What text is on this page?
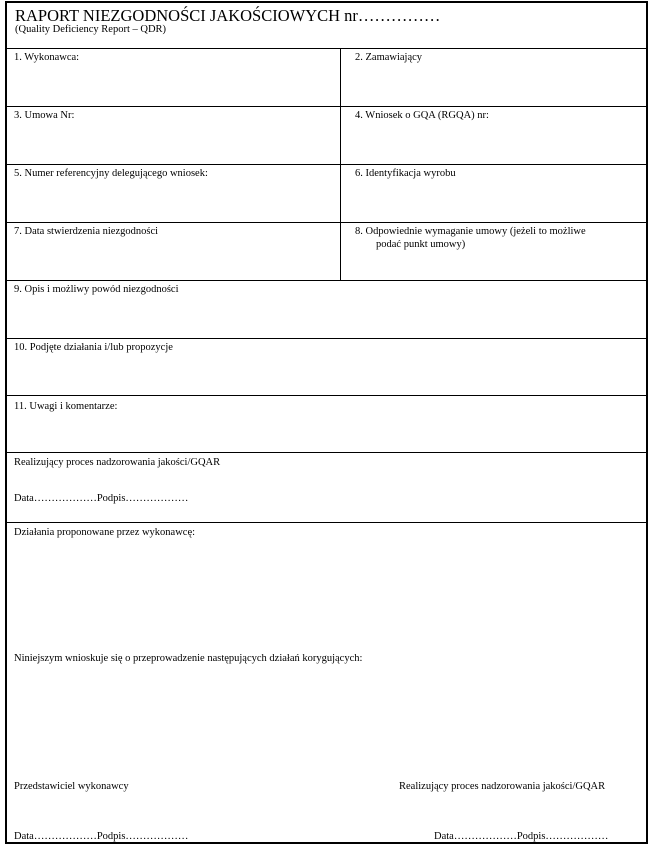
RAPORT NIEZGODNOŚCI JAKOŚCIOWYCH nr……………
(Quality Deficiency Report – QDR)
1. Wykonawca:	2. Zamawiający
3. Umowa Nr:	4. Wniosek o GQA (RGQA) nr:
5. Numer referencyjny delegującego wniosek:	6. Identyfikacja wyrobu
7. Data stwierdzenia niezgodności	8. Odpowiednie wymaganie umowy (jeżeli to możliwe
podać punkt umowy)
9. Opis i możliwy powód niezgodności
10. Podjęte działania i/lub propozycje
11. Uwagi i komentarze:
Realizujący proces nadzorowania jakości/GQAR
Data………………Podpis………………
Działania proponowane przez wykonawcę:
Niniejszym wnioskuje się o przeprowadzenie następujących działań korygujących:
Przedstawiciel wykonawcy	Realizujący proces nadzorowania jakości/GQAR
Data………………Podpis………………	Data………………Podpis………………
